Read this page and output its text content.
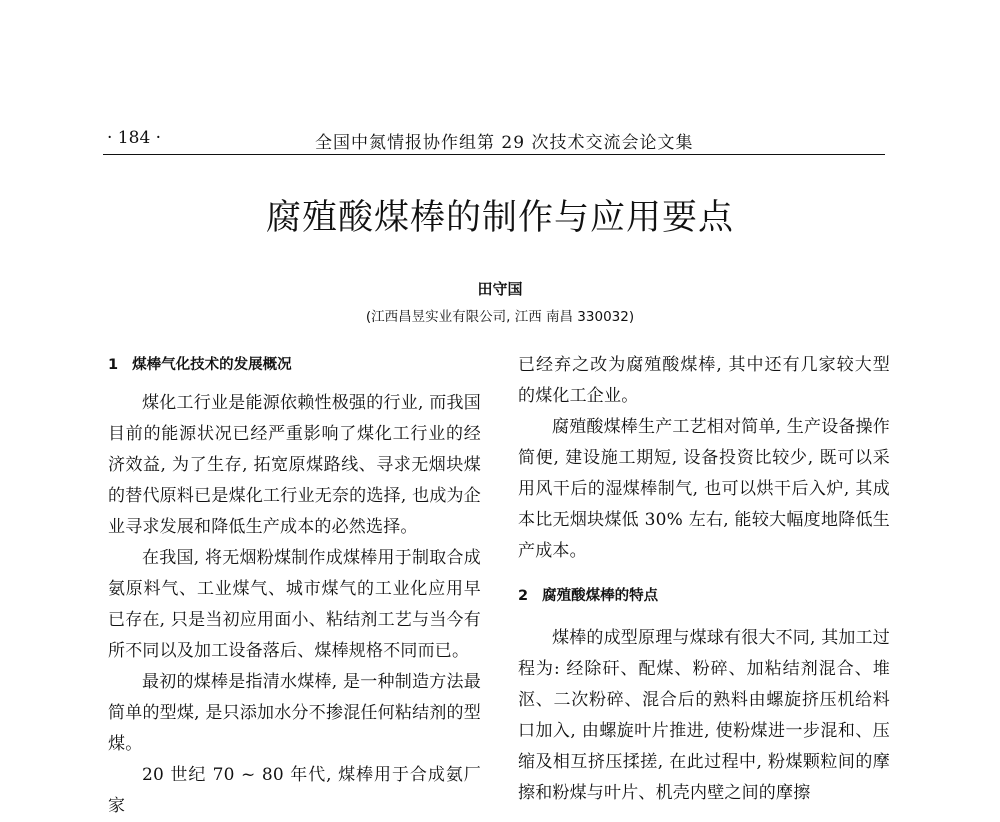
· 184 ·	全国中氮情报协作组第 29 次技术交流会论文集
腐殖酸煤棒的制作与应用要点
田守国
(江西昌昱实业有限公司, 江西 南昌 330032)
1 煤棒气化技术的发展概况

煤化工行业是能源依赖性极强的行业, 而我国目前的能源状况已经严重影响了煤化工行业的经济效益, 为了生存, 拓宽原煤路线、寻求无烟块煤的替代原料已是煤化工行业无奈的选择, 也成为企业寻求发展和降低生产成本的必然选择。

在我国, 将无烟粉煤制作成煤棒用于制取合成氨原料气、工业煤气、城市煤气的工业化应用早已存在, 只是当初应用面小、粘结剂工艺与当今有所不同以及加工设备落后、煤棒规格不同而已。

最初的煤棒是指清水煤棒, 是一种制造方法最简单的型煤, 是只添加水分不掺混任何粘结剂的型煤。

20 世纪 70 ~ 80 年代, 煤棒用于合成氨厂家

已经弃之改为腐殖酸煤棒, 其中还有几家较大型的煤化工企业。

腐殖酸煤棒生产工艺相对简单, 生产设备操作简便, 建设施工期短, 设备投资比较少, 既可以采用风干后的湿煤棒制气, 也可以烘干后入炉, 其成本比无烟块煤低 30% 左右, 能较大幅度地降低生产成本。

2 腐殖酸煤棒的特点

煤棒的成型原理与煤球有很大不同, 其加工过程为: 经除矸、配煤、粉碎、加粘结剂混合、堆沤、二次粉碎、混合后的熟料由螺旋挤压机给料口加入, 由螺旋叶片推进, 使粉煤进一步混和、压缩及相互挤压揉搓, 在此过程中, 粉煤颗粒间的摩擦和粉煤与叶片、机壳内壁之间的摩擦
